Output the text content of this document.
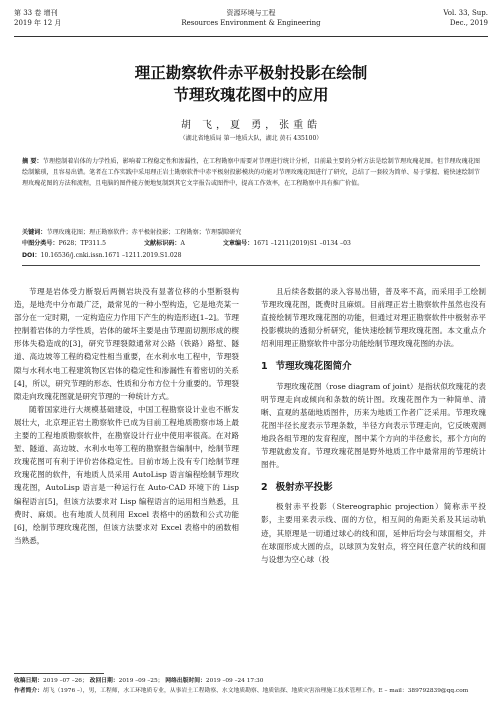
第 33 卷 增刊
2019 年 12 月
资源环境与工程
Resources Environment & Engineering
Vol. 33, Sup.
Dec., 2019
理正勘察软件赤平极射投影在绘制
节理玫瑰花图中的应用
胡 飞，夏 勇，张重皓
（湖北省地质局 第一地质大队，湖北 黄石 435100）
摘 要：节理控制着岩体的力学性质，影响着工程稳定性和渗漏性，在工程勘察中需要对节理进行统计分析，目前最主要的分析方法是绘制节理玫瑰花图。但节理玫瑰花图绘制繁琐，且容易出错。笔者在工作实践中采用理正岩土勘察软件中赤平极射投影模块的功能对节理玫瑰花图进行了研究，总结了一套较为简单、易于掌握、能快速绘制节理玫瑰花图的方法和流程，且电脑的图件能方便地复制到其它文字报告或图件中，提高工作效率，在工程勘察中具有推广价值。
关键词：节理玫瑰花图；理正勘察软件；赤平极射投影；工程勘察；节理裂隙研究
中图分类号：P628；TP311.5	文献标识码：A	文章编号：1671 –1211(2019)S1 –0134 –03
DOI：10.16536/j.cnki.issn.1671 –1211.2019.S1.028

节理是岩体受力断裂后两侧岩块没有显著位移的小型断裂构造，是地壳中分布最广泛，最常见的一种小型构造，它是地壳某一部分在一定时期，一定构造应力作用下产生的构造形迹[1–2]。节理控制着岩体的力学性质，岩体的破坏主要是由节理面切割形成的楔形体失稳造成的[3]，研究节理裂隙通常对公路（铁路）路堑、隧道、高边坡等工程的稳定性相当重要，在水利水电工程中，节理裂隙与水利水电工程建筑物区岩体的稳定性和渗漏性有着密切的关系[4]，所以，研究节理的形态、性质和分布方位十分重要的。节理裂隙走向玫瑰花图就是研究节理的一种统计方式。

随着国家进行大规模基础建设，中国工程勘察设计业也不断发展壮大，北京理正岩土勘察软件已成为目前工程地质勘察市场上最主要的工程地质勘察软件，在勘察设计行业中使用率很高。在对路堑、隧道、高边坡、水利水电等工程的勘察报告编制中，绘制节理玫瑰花图可有利于评价岩体稳定性。目前市场上没有专门绘制节理玫瑰花图的软件，有地质人员采用 AutoLisp 语言编程绘制节理玫瑰花图，AutoLisp 语言是一种运行在 Auto-CAD 环境下的 Lisp 编程语言[5]，但该方法要求对 Lisp 编程语言的运用相当熟悉，且费时、麻烦。也有地质人员利用 Excel 表格中的函数和公式功能[6]，绘制节理玫瑰花图，但该方法要求对 Excel 表格中的函数相当熟悉，

且后续各数据的录入容易出错，普及率不高，而采用手工绘制节理玫瑰花图，既费时且麻烦。目前理正岩土勘察软件虽然也没有直接绘制节理玫瑰花图的功能，但通过对理正勘察软件中极射赤平投影模块的透彻分析研究，能快速绘制节理玫瑰花图。本文重点介绍利用理正勘察软件中部分功能绘制节理玫瑰花图的办法。

1 节理玫瑰花图简介

节理玫瑰花图（rose diagram of joint）是指状似玫瑰花的表明节理走向或倾向和条数的统计图。玫瑰花图作为一种简单、清晰、直观的基础地质图件，历来为地质工作者广泛采用。节理玫瑰花图半径长度表示节理条数，半径方向表示节理走向，它反映观测地段各组节理的发育程度，图中某个方向的半径愈长，那个方向的节理就愈发育。节理玫瑰花图是野外地质工作中最常用的节理统计图件。

2 极射赤平投影

极射赤平投影（Stereographic projection）简称赤平投影，主要用来表示线、面的方位，相互间的角距关系及其运动轨迹，其原理是一切通过球心的线和面，延伸后均会与球面相交，并在球面形成大圆的点，以球顶为发射点，将空间任意产状的线和面与设想为空心球（投

收稿日期：2019 –07 –26； 改回日期：2019 –09 –25； 网络出版时间：2019 –09 –24 17:30
作者简介：胡飞（1976 –），男，工程师，水工环地质专业，从事岩土工程勘察、水文地质勘察、地质钻探、地质灾害治理施工技术管理工作。E – mail：389792839@qq.com
